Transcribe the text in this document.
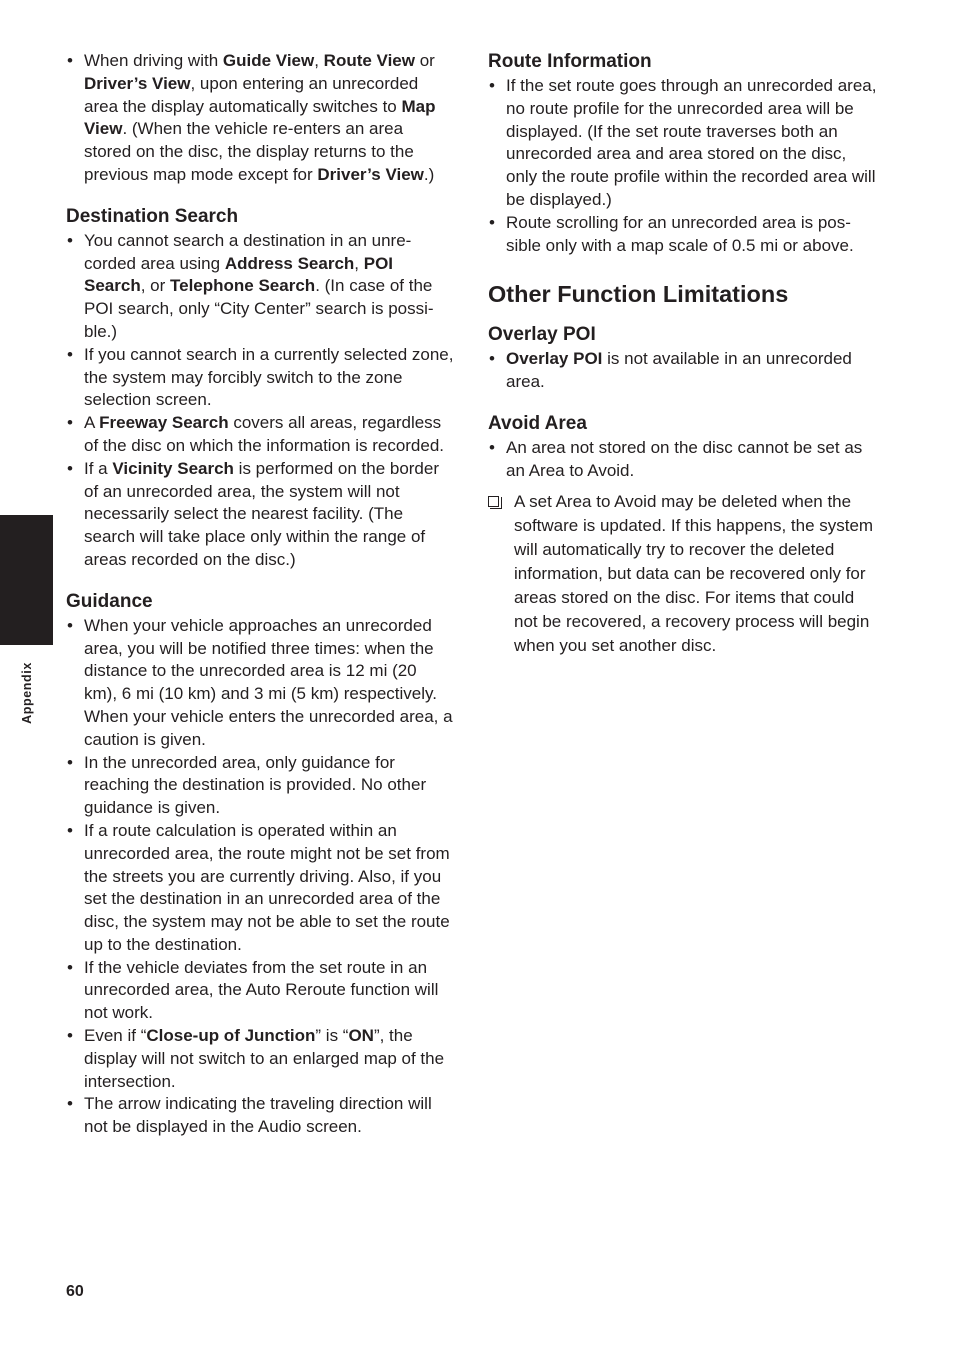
Appendix
• When driving with Guide View, Route View or Driver’s View, upon entering an unrecorded area the display automatically switches to Map View. (When the vehicle re-enters an area stored on the disc, the display returns to the previous map mode except for Driver’s View.)
Destination Search
• You cannot search a destination in an unrecorded area using Address Search, POI Search, or Telephone Search. (In case of the POI search, only “City Center” search is possible.)
• If you cannot search in a currently selected zone, the system may forcibly switch to the zone selection screen.
• A Freeway Search covers all areas, regardless of the disc on which the information is recorded.
• If a Vicinity Search is performed on the border of an unrecorded area, the system will not necessarily select the nearest facility. (The search will take place only within the range of areas recorded on the disc.)
Guidance
• When your vehicle approaches an unrecorded area, you will be notified three times: when the distance to the unrecorded area is 12 mi (20 km), 6 mi (10 km) and 3 mi (5 km) respectively. When your vehicle enters the unrecorded area, a caution is given.
• In the unrecorded area, only guidance for reaching the destination is provided. No other guidance is given.
• If a route calculation is operated within an unrecorded area, the route might not be set from the streets you are currently driving. Also, if you set the destination in an unrecorded area of the disc, the system may not be able to set the route up to the destination.
• If the vehicle deviates from the set route in an unrecorded area, the Auto Reroute function will not work.
• Even if “Close-up of Junction” is “ON”, the display will not switch to an enlarged map of the intersection.
• The arrow indicating the traveling direction will not be displayed in the Audio screen.
Route Information
• If the set route goes through an unrecorded area, no route profile for the unrecorded area will be displayed. (If the set route traverses both an unrecorded area and area stored on the disc, only the route profile within the recorded area will be displayed.)
• Route scrolling for an unrecorded area is possible only with a map scale of 0.5 mi or above.
Other Function Limitations
Overlay POI
• Overlay POI is not available in an unrecorded area.
Avoid Area
• An area not stored on the disc cannot be set as an Area to Avoid.
A set Area to Avoid may be deleted when the software is updated. If this happens, the system will automatically try to recover the deleted information, but data can be recovered only for areas stored on the disc. For items that could not be recovered, a recovery process will begin when you set another disc.
60
